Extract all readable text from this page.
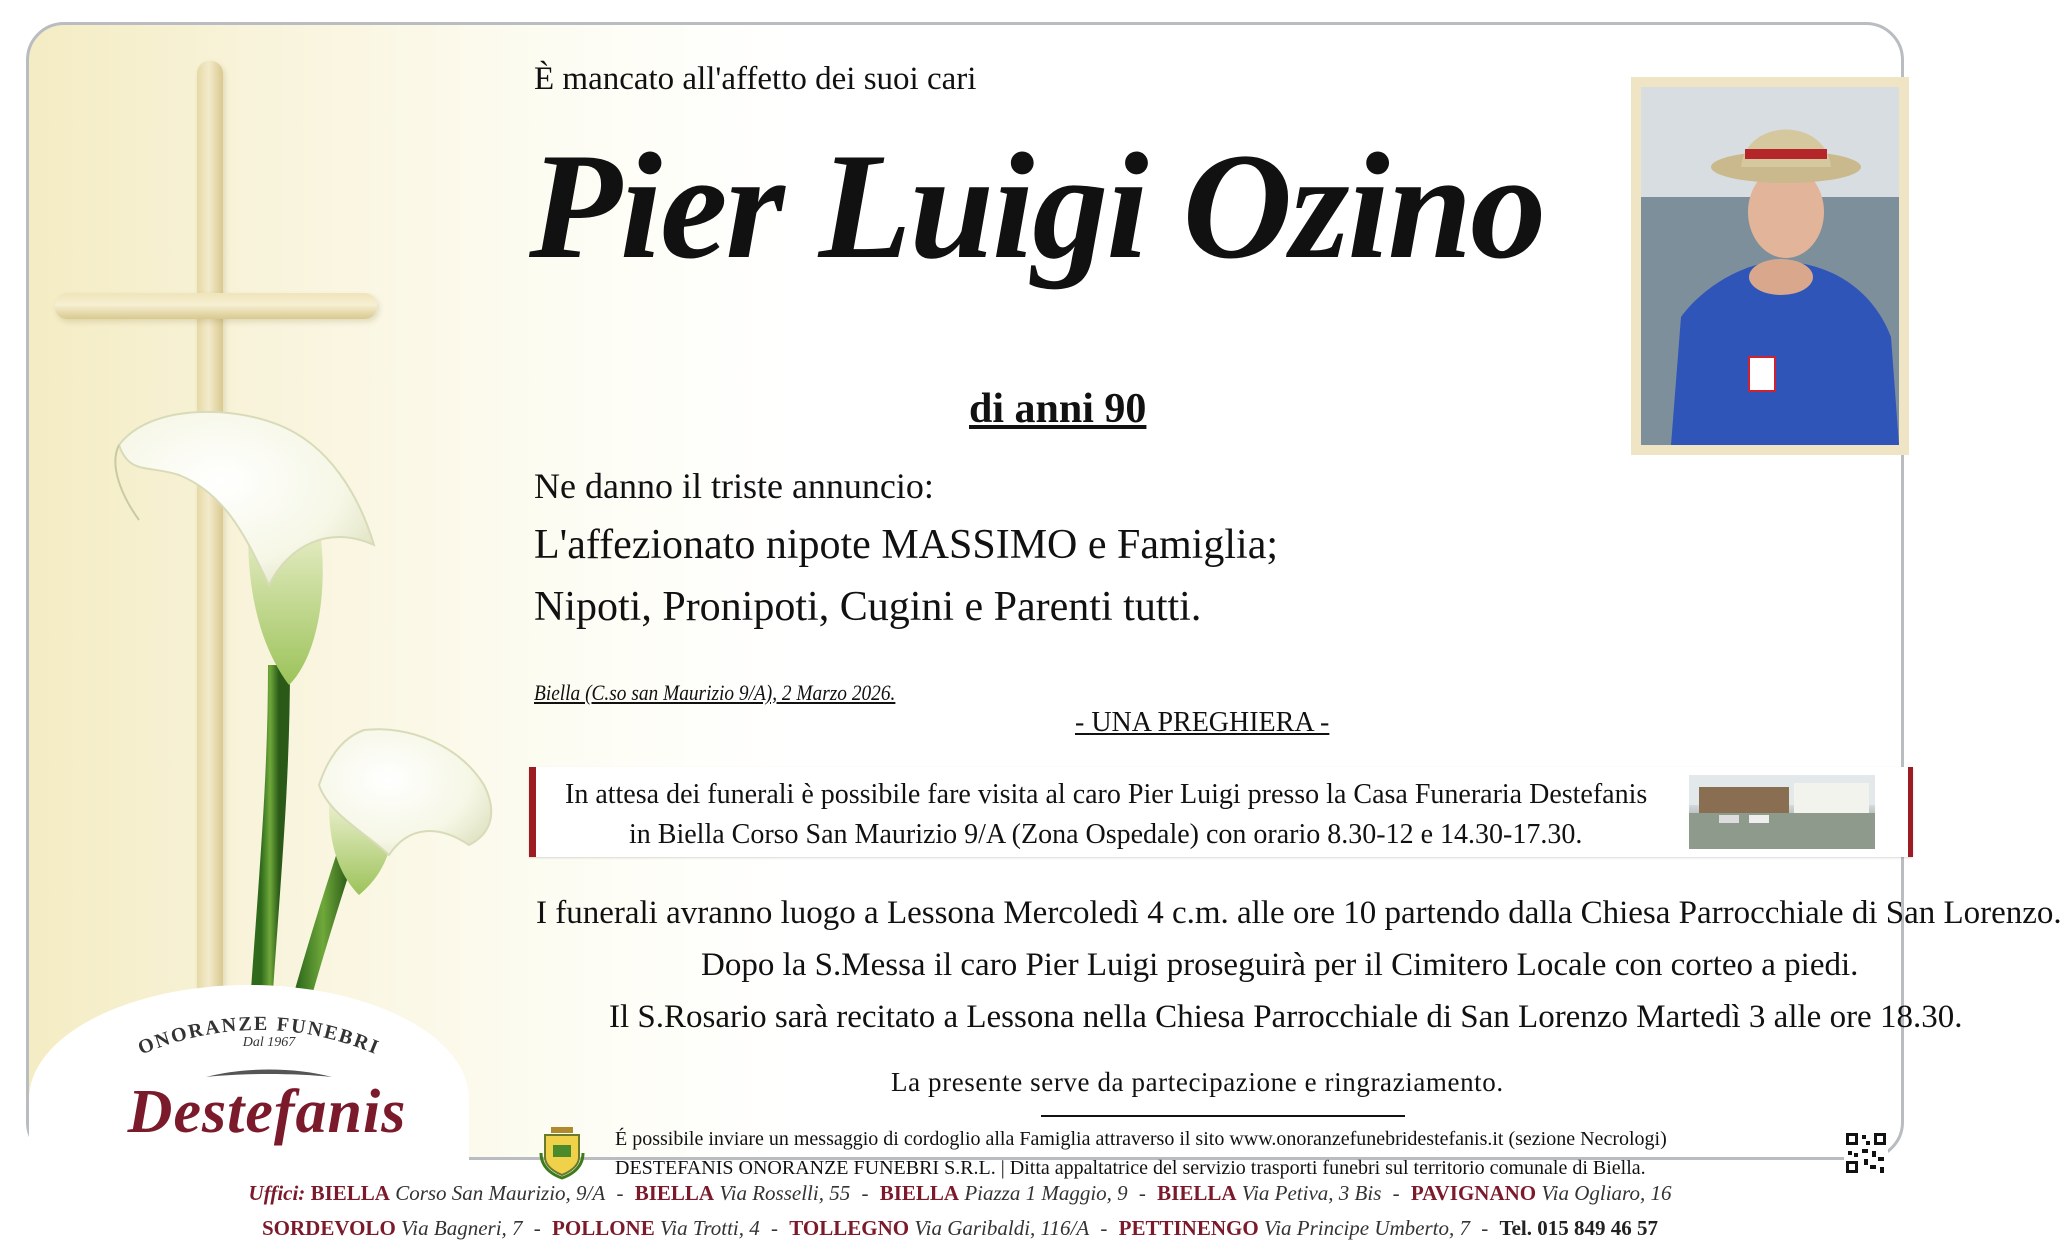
ONORANZE FUNEBRI
Dal 1967
Destefanis
È mancato all'affetto dei suoi cari
Pier Luigi Ozino
di anni 90
Ne danno il triste annuncio:
L'affezionato nipote MASSIMO e Famiglia;
Nipoti, Pronipoti, Cugini e Parenti tutti.
Biella (C.so san Maurizio 9/A), 2 Marzo 2026.
- UNA PREGHIERA -
In attesa dei funerali è possibile fare visita al caro Pier Luigi presso la Casa Funeraria Destefanis
in Biella Corso San Maurizio 9/A (Zona Ospedale) con orario 8.30-12 e 14.30-17.30.
I funerali avranno luogo a Lessona Mercoledì 4 c.m. alle ore 10 partendo dalla Chiesa Parrocchiale di San Lorenzo.
Dopo la S.Messa il caro Pier Luigi proseguirà per il Cimitero Locale con corteo a piedi.
Il S.Rosario sarà recitato a Lessona nella Chiesa Parrocchiale di San Lorenzo Martedì 3 alle ore 18.30.
La presente serve da partecipazione e ringraziamento.
É possibile inviare un messaggio di cordoglio alla Famiglia attraverso il sito www.onoranzefunebridestefanis.it (sezione Necrologi)
DESTEFANIS ONORANZE FUNEBRI S.R.L. | Ditta appaltatrice del servizio trasporti funebri sul territorio comunale di Biella.
Uffici: BIELLA Corso San Maurizio, 9/A - BIELLA Via Rosselli, 55 - BIELLA Piazza 1 Maggio, 9 - BIELLA Via Petiva, 3 Bis - PAVIGNANO Via Ogliaro, 16
SORDEVOLO Via Bagneri, 7 - POLLONE Via Trotti, 4 - TOLLEGNO Via Garibaldi, 116/A - PETTINENGO Via Principe Umberto, 7 - Tel. 015 849 46 57
